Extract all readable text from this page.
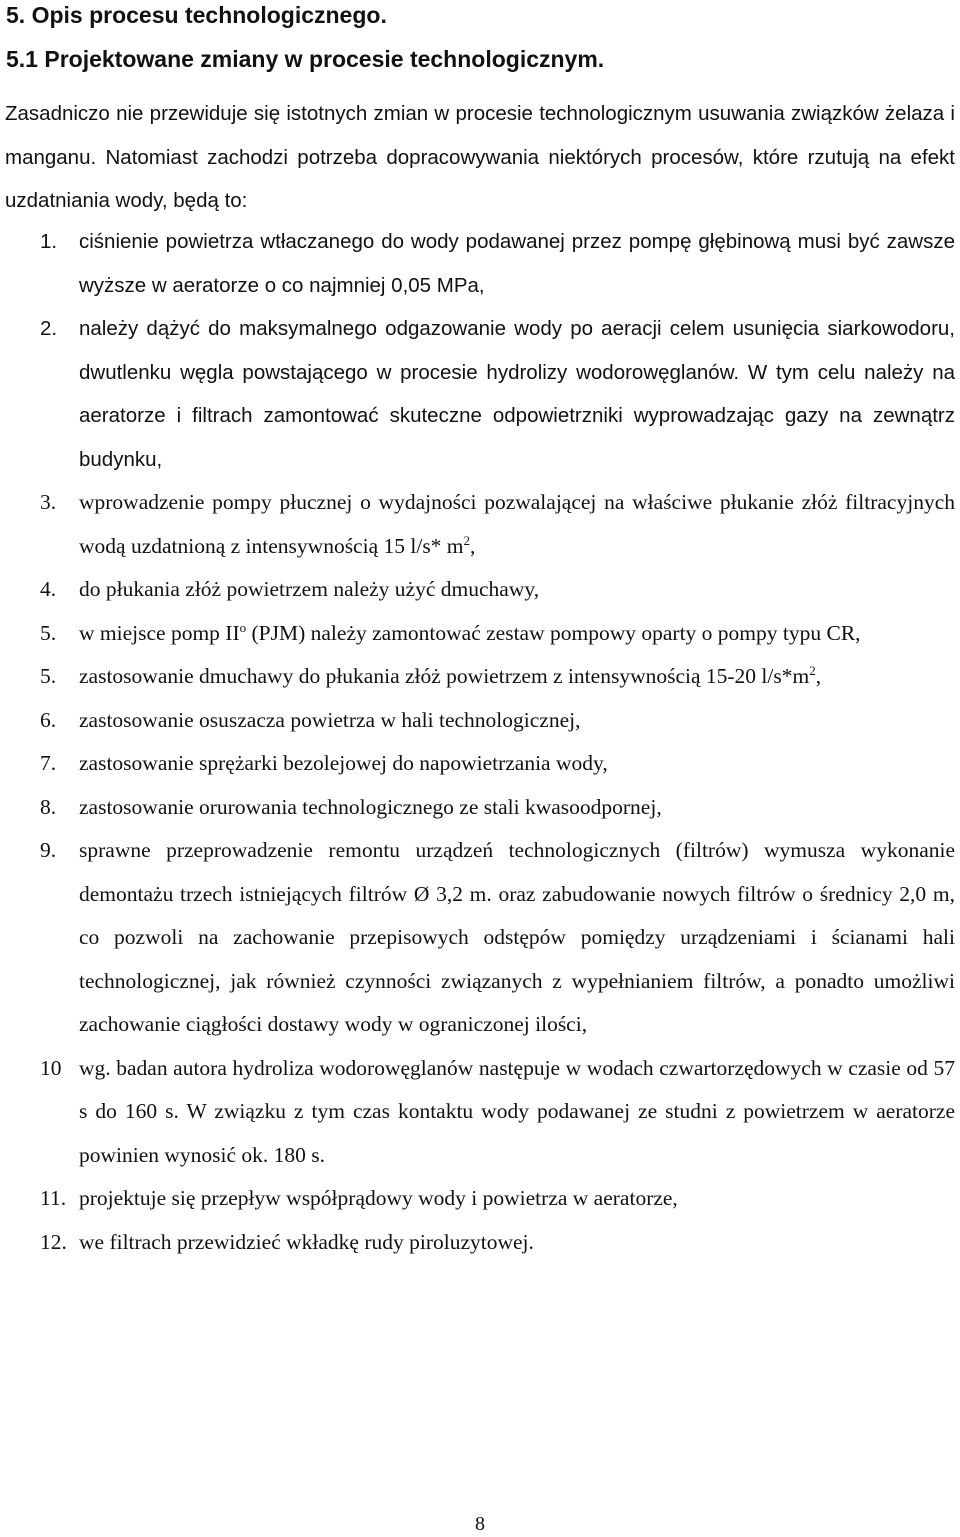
5. Opis procesu technologicznego.
5.1 Projektowane zmiany w procesie technologicznym.

Zasadniczo nie przewiduje się istotnych zmian w procesie technologicznym usuwania związków żelaza i manganu. Natomiast zachodzi potrzeba dopracowywania niektórych procesów, które rzutują na efekt uzdatniania wody, będą to:

1. ciśnienie powietrza wtłaczanego do wody podawanej przez pompę głębinową musi być zawsze wyższe w aeratorze o co najmniej 0,05 MPa,
2. należy dążyć do maksymalnego odgazowanie wody po aeracji celem usunięcia siarkowodoru, dwutlenku węgla powstającego w procesie hydrolizy wodorowęglanów. W tym celu należy na aeratorze i filtrach zamontować skuteczne odpowietrzniki wyprowadzając gazy na zewnątrz budynku,
3. wprowadzenie pompy płucznej o wydajności pozwalającej na właściwe płukanie złóż filtracyjnych wodą uzdatnioną z intensywnością 15 l/s* $m^2$,
4. do płukania złóż powietrzem należy użyć dmuchawy,
5. w miejsce pomp $II^o$ (PJM) należy zamontować zestaw pompowy oparty o pompy typu CR,
5. zastosowanie dmuchawy do płukania złóż powietrzem z intensywnością 15-20 $l/s*m^2$,
6. zastosowanie osuszacza powietrza w hali technologicznej,
7. zastosowanie sprężarki bezolejowej do napowietrzania wody,
8. zastosowanie orurowania technologicznego ze stali kwasoodpornej,
9. sprawne przeprowadzenie remontu urządzeń technologicznych (filtrów) wymusza wykonanie demontażu trzech istniejących filtrów Ø 3,2 m. oraz zabudowanie nowych filtrów o średnicy 2,0 m, co pozwoli na zachowanie przepisowych odstępów pomiędzy urządzeniami i ścianami hali technologicznej, jak również czynności związanych z wypełnianiem filtrów, a ponadto umożliwi zachowanie ciągłości dostawy wody w ograniczonej ilości,
10 wg. badan autora hydroliza wodorowęglanów następuje w wodach czwartorzędowych w czasie od 57 s do 160 s. W związku z tym czas kontaktu wody podawanej ze studni z powietrzem w aeratorze powinien wynosić ok. 180 s.
11. projektuje się przepływ współprądowy wody i powietrza w aeratorze,
12. we filtrach przewidzieć wkładkę rudy piroluzytowej.
8
